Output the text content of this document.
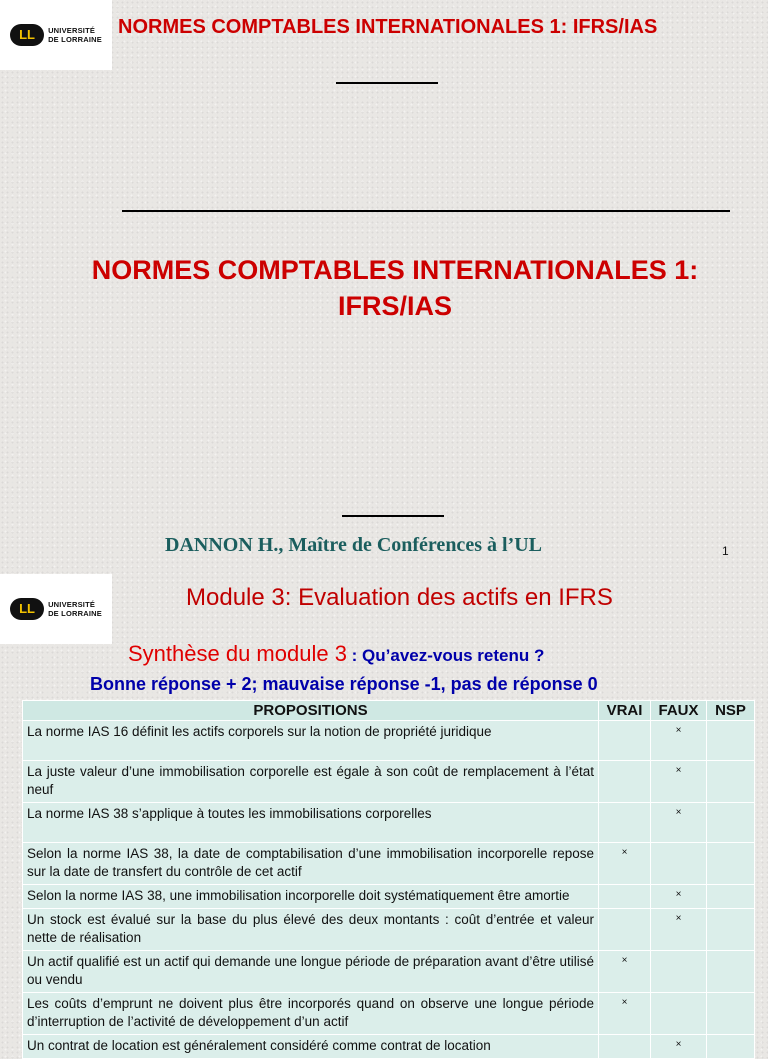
LL	UNIVERSITÉ
DE LORRAINE
NORMES COMPTABLES INTERNATIONALES 1: IFRS/IAS
NORMES COMPTABLES INTERNATIONALES 1:
IFRS/IAS
DANNON H., Maître de Conférences à l’UL	1
LL	UNIVERSITÉ
DE LORRAINE
Module 3: Evaluation des actifs en IFRS
Synthèse du module 3 : Qu’avez-vous retenu ?
Bonne réponse + 2; mauvaise réponse -1, pas de réponse 0
PROPOSITIONS	VRAI	FAUX	NSP
La norme IAS 16 définit les actifs corporels sur la notion de propriété juridique		×	
La juste valeur d’une immobilisation corporelle est égale à son coût de remplacement à l’état neuf		×	
La norme IAS 38 s’applique à toutes les immobilisations corporelles		×	
Selon la norme IAS 38, la date de comptabilisation d’une immobilisation incorporelle repose sur la date de transfert du contrôle de cet actif	×		
Selon la norme IAS 38, une immobilisation incorporelle doit systématiquement être amortie		×	
Un stock est évalué sur la base du plus élevé des deux montants : coût d’entrée et valeur nette de réalisation		×	
Un actif qualifié est un actif qui demande une longue période de préparation avant d’être utilisé ou vendu	×		
Les coûts d’emprunt ne doivent plus être incorporés quand on observe une longue période d’interruption de l’activité de développement d’un actif	×		
Un contrat de location est généralement considéré comme contrat de location		×	
